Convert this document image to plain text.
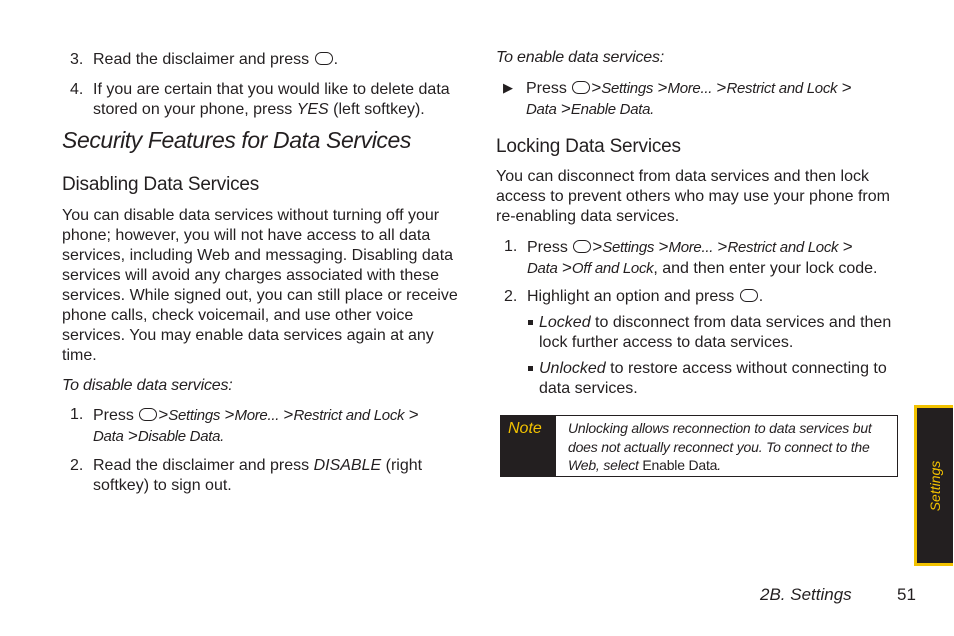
3. Read the disclaimer and press .
4. If you are certain that you would like to delete data stored on your phone, press YES (left softkey).
Security Features for Data Services
Disabling Data Services
You can disable data services without turning off your phone; however, you will not have access to all data services, including Web and messaging. Disabling data services will avoid any charges associated with these services. While signed out, you can still place or receive phone calls, check voicemail, and use other voice services. You may enable data services again at any time.
To disable data services:
1. Press >Settings >More... >Restrict and Lock >
Data >Disable Data.
2. Read the disclaimer and press DISABLE (right softkey) to sign out.
To enable data services:
▶ Press >Settings >More... >Restrict and Lock >
Data >Enable Data.
Locking Data Services
You can disconnect from data services and then lock access to prevent others who may use your phone from re-enabling data services.
1. Press >Settings >More... >Restrict and Lock >
Data >Off and Lock, and then enter your lock code.
2. Highlight an option and press .
Locked to disconnect from data services and then lock further access to data services.
Unlocked to restore access without connecting to data services.
Note Unlocking allows reconnection to data services but does not actually reconnect you. To connect to the Web, select Enable Data.	Settings
2B. Settings	51
